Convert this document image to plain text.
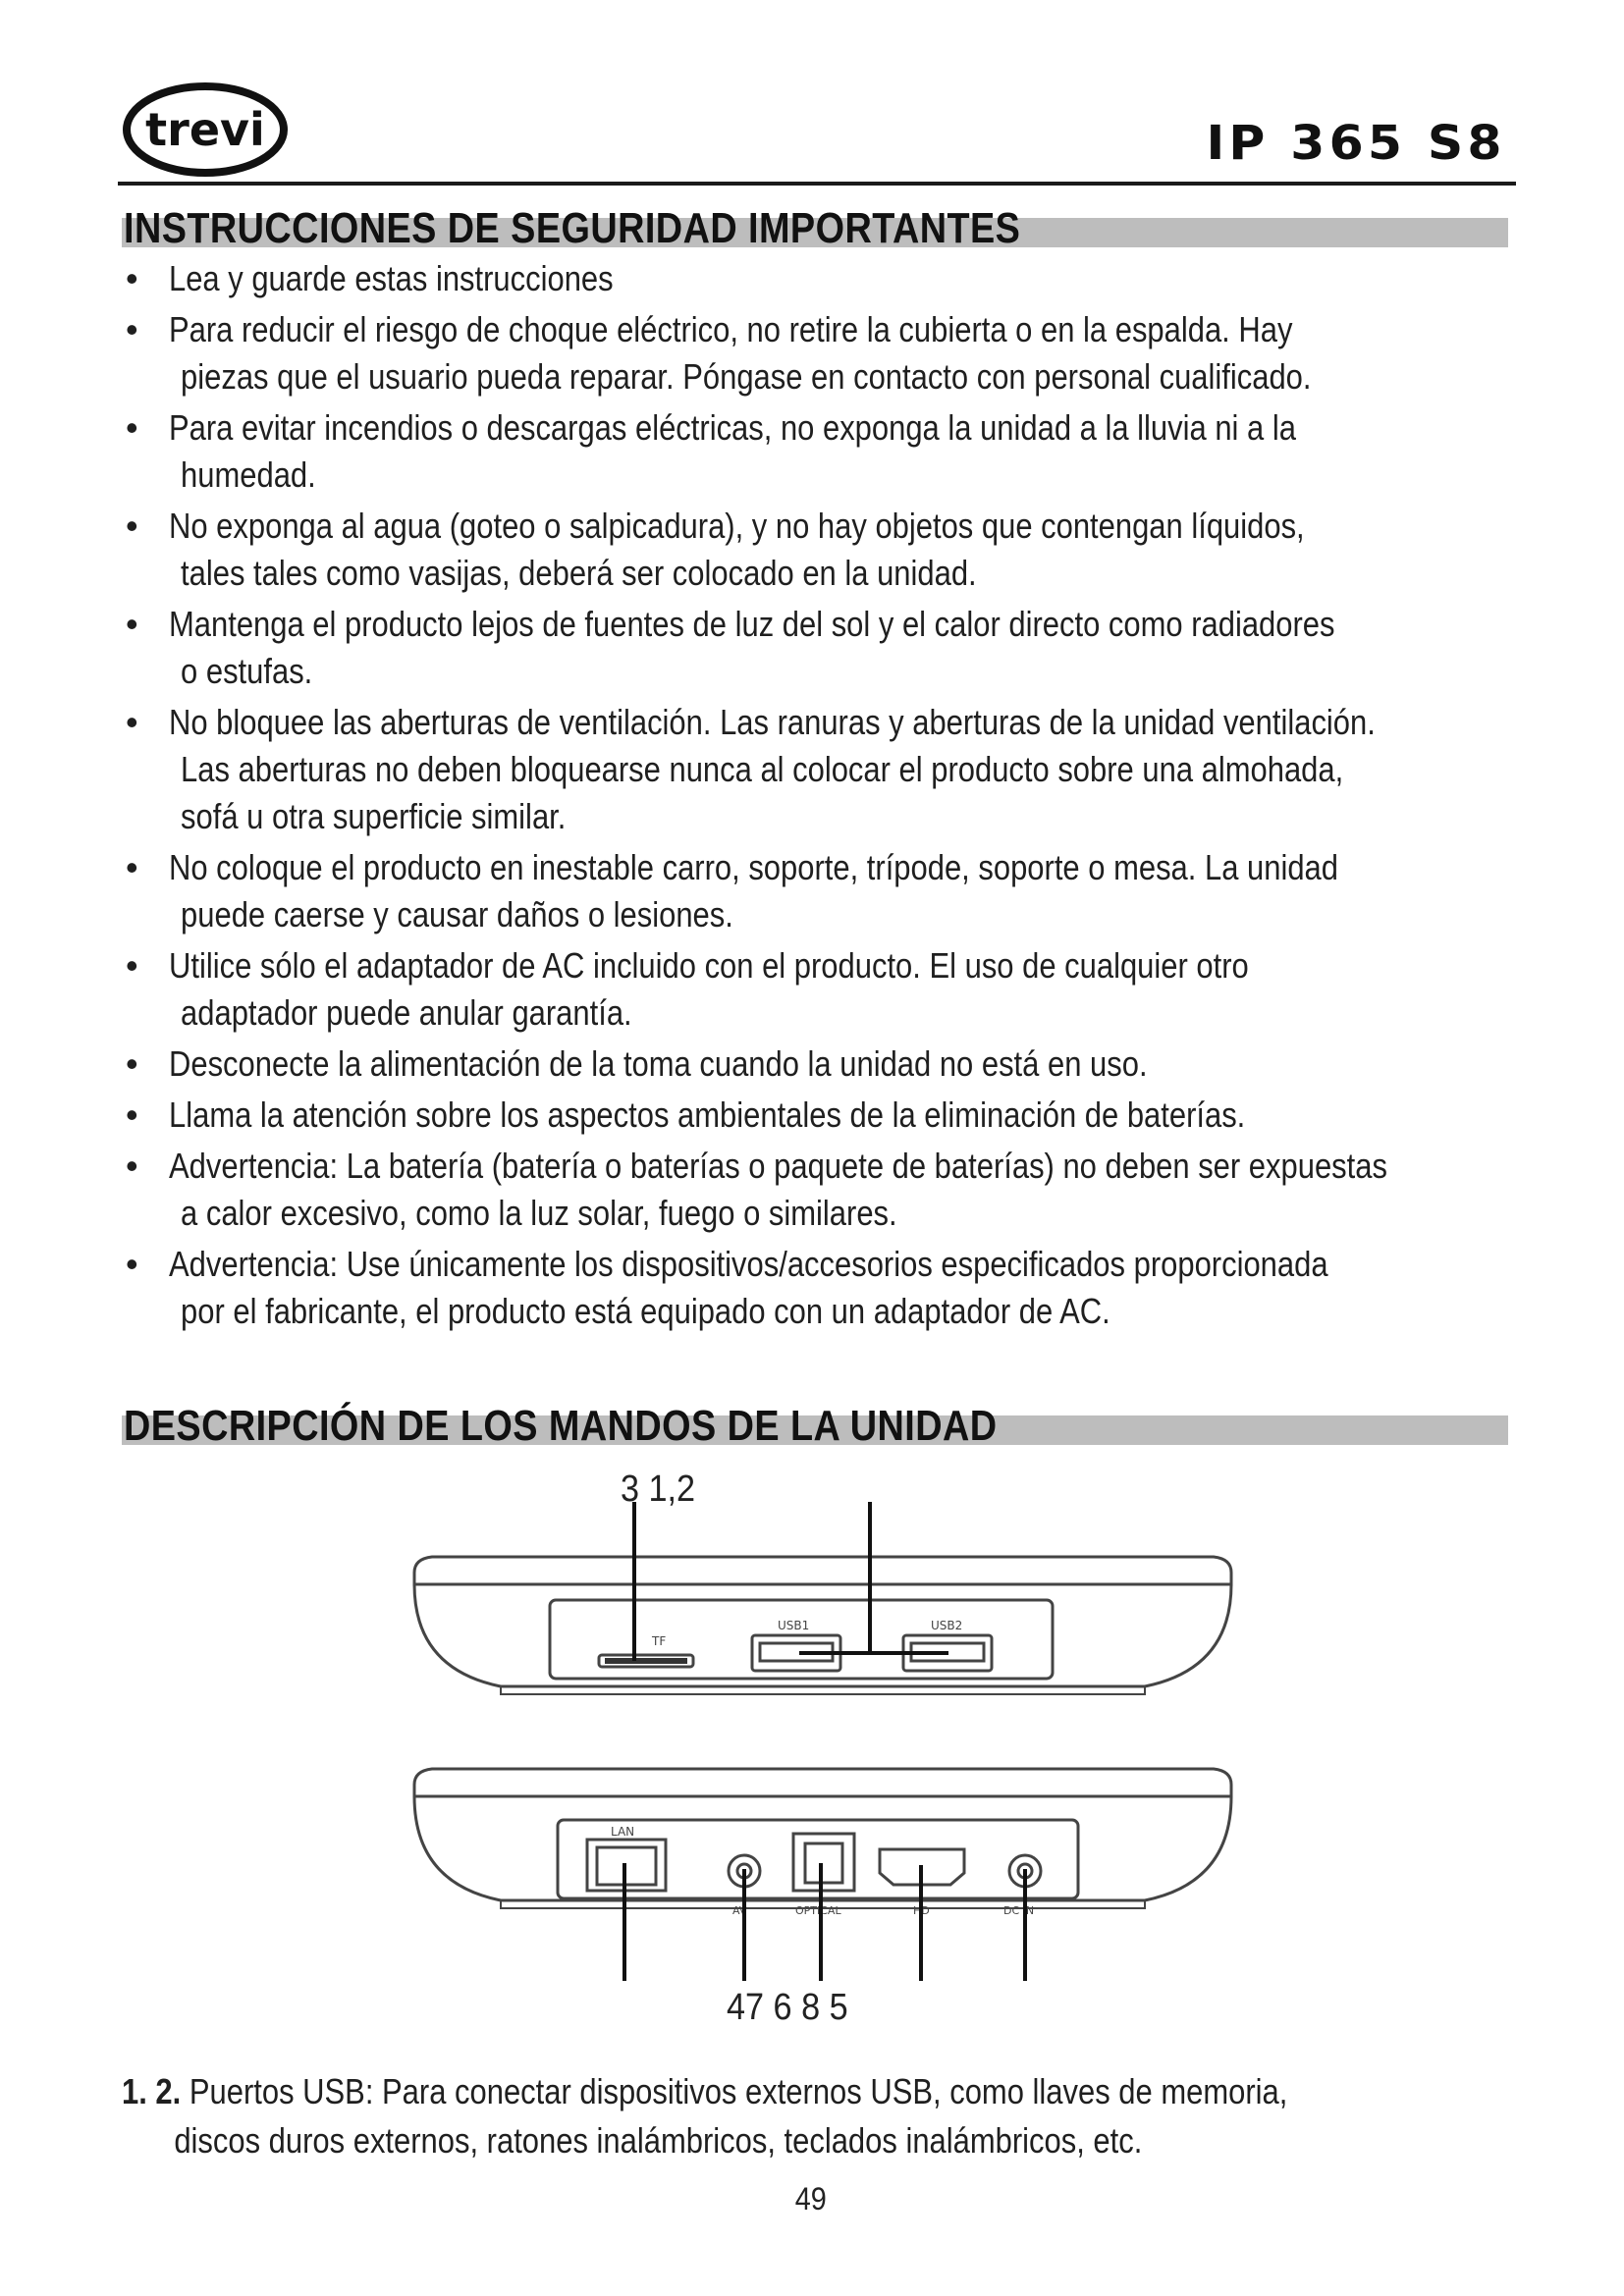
trevi	IP 365 S8
INSTRUCCIONES DE SEGURIDAD IMPORTANTES
• Lea y guarde estas instrucciones
• Para reducir el riesgo de choque eléctrico, no retire la cubierta o en la espalda. Hay
piezas que el usuario pueda reparar. Póngase en contacto con personal cualificado.
• Para evitar incendios o descargas eléctricas, no exponga la unidad a la lluvia ni a la
humedad.
• No exponga al agua (goteo o salpicadura), y no hay objetos que contengan líquidos,
tales tales como vasijas, deberá ser colocado en la unidad.
• Mantenga el producto lejos de fuentes de luz del sol y el calor directo como radiadores
o estufas.
• No bloquee las aberturas de ventilación. Las ranuras y aberturas de la unidad ventilación.
Las aberturas no deben bloquearse nunca al colocar el producto sobre una almohada,
sofá u otra superficie similar.
• No coloque el producto en inestable carro, soporte, trípode, soporte o mesa. La unidad
puede caerse y causar daños o lesiones.
• Utilice sólo el adaptador de AC incluido con el producto. El uso de cualquier otro
adaptador puede anular garantía.
• Desconecte la alimentación de la toma cuando la unidad no está en uso.
• Llama la atención sobre los aspectos ambientales de la eliminación de baterías.
• Advertencia: La batería (batería o baterías o paquete de baterías) no deben ser expuestas
a calor excesivo, como la luz solar, fuego o similares.
• Advertencia: Use únicamente los dispositivos/accesorios especificados proporcionada
por el fabricante, el producto está equipado con un adaptador de AC.
DESCRIPCIÓN DE LOS MANDOS DE LA UNIDAD
3 1,2
TF
USB1	USB2
LAN
AV	OPTICAL	HD	DC IN
47 6 8 5
1. 2. Puertos USB: Para conectar dispositivos externos USB, como llaves de memoria,
discos duros externos, ratones inalámbricos, teclados inalámbricos, etc.
49
